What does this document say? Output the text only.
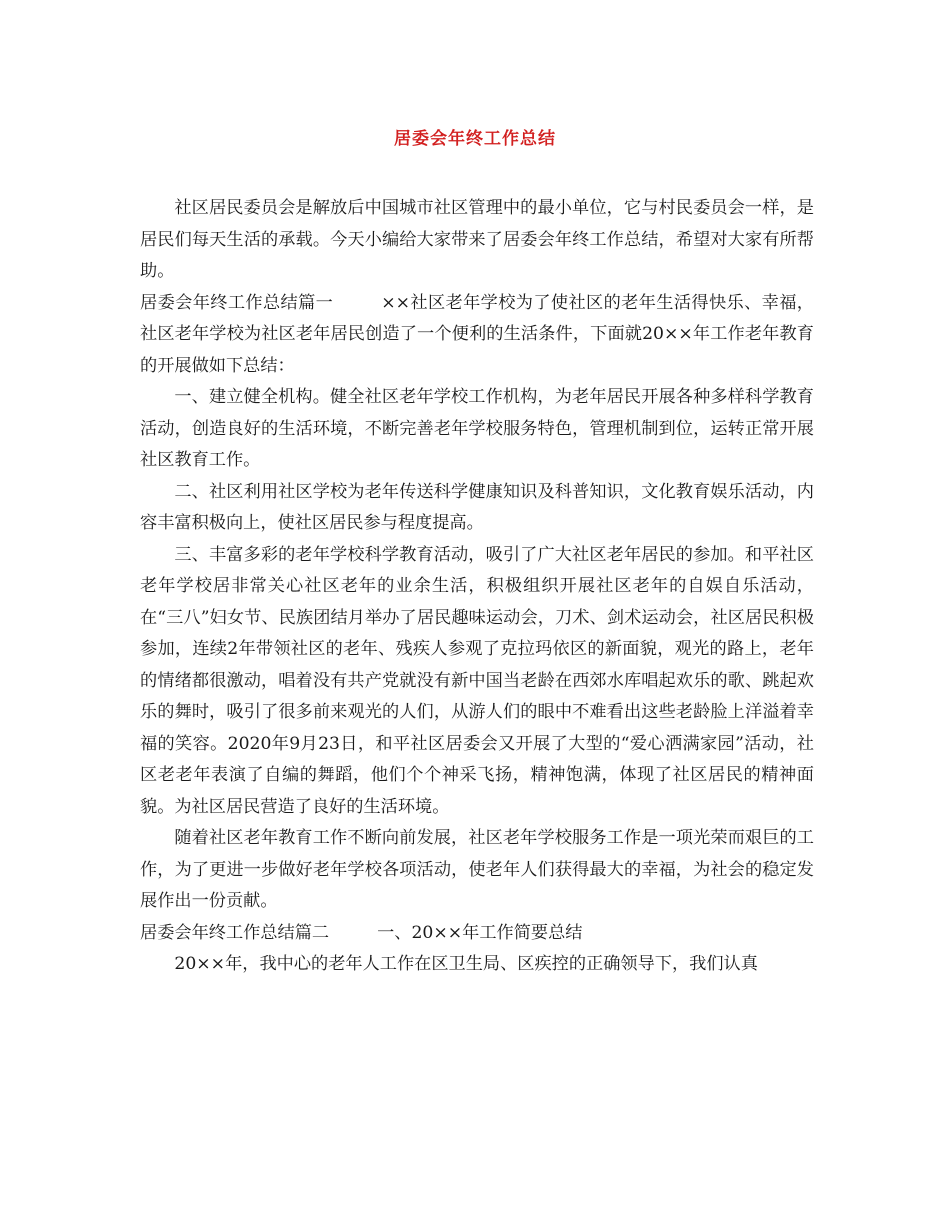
居委会年终工作总结

社区居民委员会是解放后中国城市社区管理中的最小单位，它与村民委员会一样，是居民们每天生活的承载。今天小编给大家带来了居委会年终工作总结，希望对大家有所帮助。

居委会年终工作总结篇一	××社区老年学校为了使社区的老年生活得快乐、幸福，社区老年学校为社区老年居民创造了一个便利的生活条件，下面就20××年工作老年教育的开展做如下总结：

一、建立健全机构。健全社区老年学校工作机构，为老年居民开展各种多样科学教育活动，创造良好的生活环境，不断完善老年学校服务特色，管理机制到位，运转正常开展社区教育工作。

二、社区利用社区学校为老年传送科学健康知识及科普知识，文化教育娱乐活动，内容丰富积极向上，使社区居民参与程度提高。

三、丰富多彩的老年学校科学教育活动，吸引了广大社区老年居民的参加。和平社区老年学校居非常关心社区老年的业余生活，积极组织开展社区老年的自娱自乐活动，在“三八”妇女节、民族团结月举办了居民趣味运动会，刀术、剑术运动会，社区居民积极参加，连续2年带领社区的老年、残疾人参观了克拉玛依区的新面貌，观光的路上，老年的情绪都很激动，唱着没有共产党就没有新中国当老龄在西郊水库唱起欢乐的歌、跳起欢乐的舞时，吸引了很多前来观光的人们，从游人们的眼中不难看出这些老龄脸上洋溢着幸福的笑容。2020年9月23日，和平社区居委会又开展了大型的“爱心洒满家园”活动，社区老老年表演了自编的舞蹈，他们个个神采飞扬，精神饱满，体现了社区居民的精神面貌。为社区居民营造了良好的生活环境。

随着社区老年教育工作不断向前发展，社区老年学校服务工作是一项光荣而艰巨的工作，为了更进一步做好老年学校各项活动，使老年人们获得最大的幸福，为社会的稳定发展作出一份贡献。

居委会年终工作总结篇二	一、20××年工作简要总结

20××年，我中心的老年人工作在区卫生局、区疾控的正确领导下，我们认真
